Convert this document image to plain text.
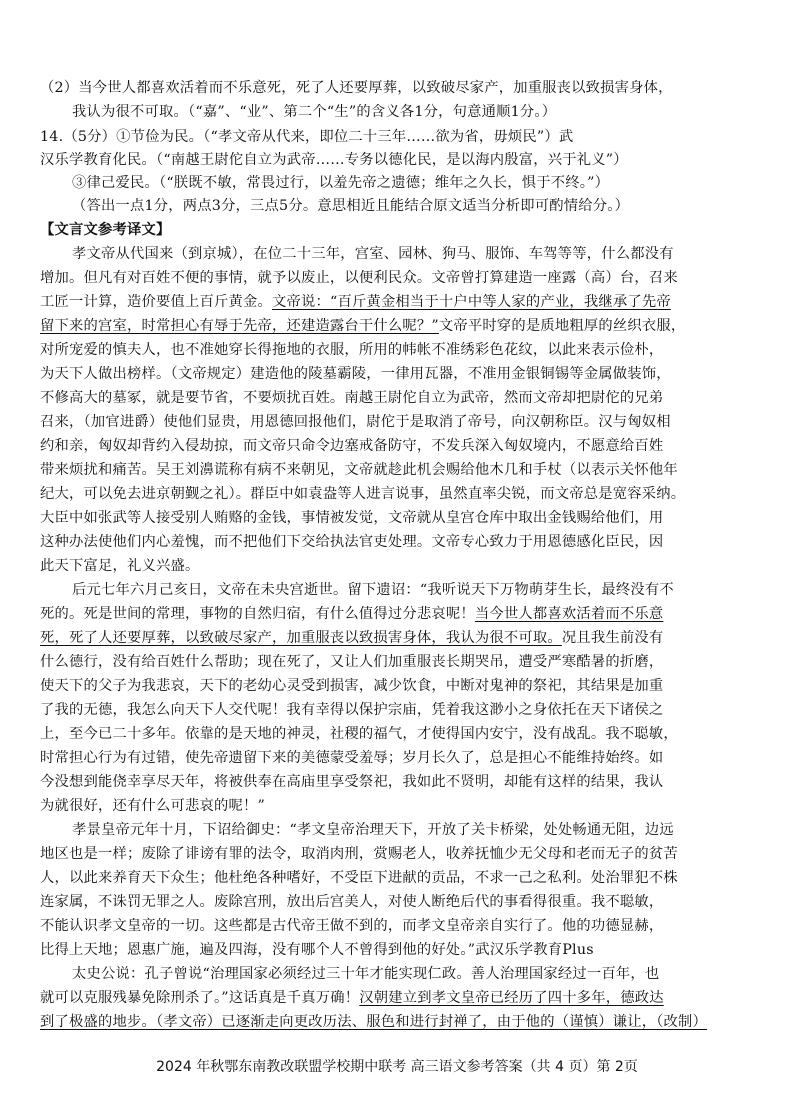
（2）当今世人都喜欢活着而不乐意死，死了人还要厚葬，以致破尽家产，加重服丧以致损害身体，
我认为很不可取。（“嘉”、“业”、第二个“生”的含义各1分，句意通顺1分。）
14.（5分）①节俭为民。（“孝文帝从代来，即位二十三年……欲为省，毋烦民”）武
汉乐学教育化民。（“南越王尉佗自立为武帝……专务以德化民，是以海内殷富，兴于礼义”）
③律己爱民。（“朕既不敏，常畏过行，以羞先帝之遗德；维年之久长，惧于不终。”）
（答出一点1分，两点3分，三点5分。意思相近且能结合原文适当分析即可酌情给分。）
【文言文参考译文】
孝文帝从代国来（到京城），在位二十三年，宫室、园林、狗马、服饰、车驾等等，什么都没有
增加。但凡有对百姓不便的事情，就予以废止，以便利民众。文帝曾打算建造一座露（高）台，召来
工匠一计算，造价要值上百斤黄金。文帝说：“百斤黄金相当于十户中等人家的产业，我继承了先帝
留下来的宫室，时常担心有辱于先帝，还建造露台干什么呢？”文帝平时穿的是质地粗厚的丝织衣服，
对所宠爱的慎夫人，也不准她穿长得拖地的衣服，所用的帏帐不准绣彩色花纹，以此来表示俭朴，
为天下人做出榜样。（文帝规定）建造他的陵墓霸陵，一律用瓦器，不准用金银铜锡等金属做装饰，
不修高大的墓冢，就是要节省，不要烦扰百姓。南越王尉佗自立为武帝，然而文帝却把尉佗的兄弟
召来，（加官进爵）使他们显贵，用恩德回报他们，尉佗于是取消了帝号，向汉朝称臣。汉与匈奴相
约和亲，匈奴却背约入侵劫掠，而文帝只命令边塞戒备防守，不发兵深入匈奴境内，不愿意给百姓
带来烦扰和痛苦。吴王刘濞谎称有病不来朝见，文帝就趁此机会赐给他木几和手杖（以表示关怀他年
纪大，可以免去进京朝觐之礼）。群臣中如袁盎等人进言说事，虽然直率尖锐，而文帝总是宽容采纳。
大臣中如张武等人接受别人贿赂的金钱，事情被发觉，文帝就从皇宫仓库中取出金钱赐给他们，用
这种办法使他们内心羞愧，而不把他们下交给执法官吏处理。文帝专心致力于用恩德感化臣民，因
此天下富足，礼义兴盛。
后元七年六月己亥日，文帝在未央宫逝世。留下遗诏：“我听说天下万物萌芽生长，最终没有不
死的。死是世间的常理，事物的自然归宿，有什么值得过分悲哀呢！当今世人都喜欢活着而不乐意
死，死了人还要厚葬，以致破尽家产，加重服丧以致损害身体，我认为很不可取。况且我生前没有
什么德行，没有给百姓什么帮助；现在死了，又让人们加重服丧长期哭吊，遭受严寒酷暑的折磨，
使天下的父子为我悲哀，天下的老幼心灵受到损害，减少饮食，中断对鬼神的祭祀，其结果是加重
了我的无德，我怎么向天下人交代呢！我有幸得以保护宗庙，凭着我这渺小之身依托在天下诸侯之
上，至今已二十多年。依靠的是天地的神灵，社稷的福气，才使得国内安宁，没有战乱。我不聪敏，
时常担心行为有过错，使先帝遗留下来的美德蒙受羞辱；岁月长久了，总是担心不能维持始终。如
今没想到能侥幸享尽天年，将被供奉在高庙里享受祭祀，我如此不贤明，却能有这样的结果，我认
为就很好，还有什么可悲哀的呢！”
孝景皇帝元年十月，下诏给御史：“孝文皇帝治理天下，开放了关卡桥梁，处处畅通无阻，边远
地区也是一样；废除了诽谤有罪的法令，取消肉刑，赏赐老人，收养抚恤少无父母和老而无子的贫苦
人，以此来养育天下众生；他杜绝各种嗜好，不受臣下进献的贡品，不求一己之私利。处治罪犯不株
连家属，不诛罚无罪之人。废除宫刑，放出后宫美人，对使人断绝后代的事看得很重。我不聪敏，
不能认识孝文皇帝的一切。这些都是古代帝王做不到的，而孝文皇帝亲自实行了。他的功德显赫，
比得上天地；恩惠广施，遍及四海，没有哪个人不曾得到他的好处。”武汉乐学教育Plus
太史公说：孔子曾说“治理国家必须经过三十年才能实现仁政。善人治理国家经过一百年，也
就可以克服残暴免除刑杀了。”这话真是千真万确！汉朝建立到孝文皇帝已经历了四十多年，德政达
到了极盛的地步。（孝文帝）已逐渐走向更改历法、服色和进行封禅了，由于他的（谨慎）谦让，（改制）
2024 年秋鄂东南教改联盟学校期中联考 高三语文参考答案（共 4 页）第 2页
